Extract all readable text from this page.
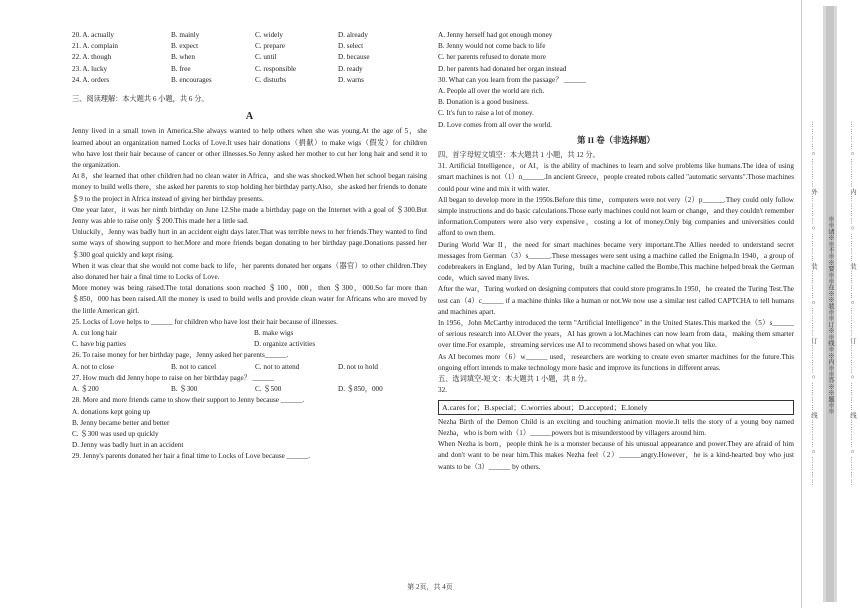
20. A. actually	B. mainly	C. widely	D. already
21. A. complain	B. expect	C. prepare	D. select
22. A. though	B. when	C. until	D. because
23. A. lucky	B. free	C. responsible	D. ready
24. A. orders	B. encourages	C. disturbs	D. warns
三、阅读理解：本大题共 6 小题，共 6 分。
A
Jenny lived in a small town in America.She always wanted to help others when she was young.At the age of 5，she learned about an organization named Locks of Love.It uses hair donations（捐献）to make wigs（假发）for children who have lost their hair because of cancer or other illnesses.So Jenny asked her mother to cut her long hair and send it to the organization.
At 8，she learned that other children had no clean water in Africa，and she was shocked.When her school began raising money to build wells there，she asked her parents to stop holding her birthday party.Also，she asked her friends to donate ＄9 to the project in Africa instead of giving her birthday presents.
One year later，it was her ninth birthday on June 12.She made a birthday page on the Internet with a goal of ＄300.But Jenny was able to raise only ＄200.This made her a little sad.
Unluckily，Jenny was badly hurt in an accident eight days later.That was terrible news to her friends.They wanted to find some ways of showing support to her.More and more friends began donating to her birthday page.Donations passed her ＄300 goal quickly and kept rising.
When it was clear that she would not come back to life，her parents donated her organs（器官）to other children.They also donated her hair a final time to Locks of Love.
More money was being raised.The total donations soon reached ＄100，000，then ＄300，000.So far more than ＄850，000 has been raised.All the money is used to build wells and provide clean water for Africans who are moved by the little American girl.
25. Locks of Love helps to ______ for children who have lost their hair because of illnesses.
A. cut long hair	B. make wigs
C. have big parties	D. organize activities
26. To raise money for her birthday page，Jenny asked her parents______.
A. not to close	B. not to cancel	C. not to attend	D. not to hold
27. How much did Jenny hope to raise on her birthday page？ ______
A. ＄200	B. ＄300	C. ＄500	D. ＄850，000
28. More and more friends came to show their support to Jenny because ______.
A. donations kept going up
B. Jenny became better and better
C. ＄300 was used up quickly
D. Jenny was badly hurt in an accident
29. Jenny's parents donated her hair a final time to Locks of Love because ______.
A. Jenny herself had got enough money
B. Jenny would not come back to life
C. her parents refused to donate more
D. her parents had donated her organ instead
30. What can you learn from the passage？ ______
A. People all over the world are rich.
B. Donation is a good business.
C. It's fun to raise a lot of money.
D. Love comes from all over the world.
第 II 卷（非选择题）
四、首字母短文填空：本大题共 1 小题，共 12 分。
31. Artificial Intelligence，or AI，is the ability of machines to learn and solve problems like humans.The idea of using smart machines is not（1）n______.In ancient Greece，people created robots called "automatic servants".Those machines could pour wine and mix it with water.
All began to develop more in the 1950s.Before this time，computers were not very（2）p______.They could only follow simple instructions and do basic calculations.Those early machines could not learn or change，and they couldn't remember information.Computers were also very expensive，costing a lot of money.Only big companies and universities could afford to own them.
During World War II，the need for smart machines became very important.The Allies needed to understand secret messages from German（3）s______.These messages were sent using a machine called the Enigma.In 1940，a group of codebreakers in England，led by Alan Turing，built a machine called the Bombe.This machine helped break the German code，which saved many lives.
After the war，Turing worked on designing computers that could store programs.In 1950，he created the Turing Test.The test can（4）c______ if a machine thinks like a human or not.We now use a similar test called CAPTCHA to tell humans and machines apart.
In 1956，John McCarthy introduced the term "Artificial Intelligence" in the United States.This marked the（5）s______ of serious research into AI.Over the years，AI has grown a lot.Machines can now learn from data，making them smarter over time.For example，streaming services use AI to recommend shows based on what you like.
As AI becomes more（6）w______ used，researchers are working to create even smarter machines for the future.This ongoing effort intends to make technology more basic and improve its functions in different areas.
五、选词填空-短文：本大题共 1 小题，共 8 分。
32.
A.cares for；B.special；C.worries about；D.accepted；E.lonely
Nezha Birth of the Demon Child is an exciting and touching animation movie.It tells the story of a young boy named Nezha，who is born with（1）______powers but is misunderstood by villagers around him.
When Nezha is born，people think he is a monster because of his unusual appearance and power.They are afraid of him and don't want to be near him.This makes Nezha feel（2）______angry.However，he is a kind-hearted boy who just wants to be（3）______ by others.
第 2页，共 4页
…………○…………外…………○…………装…………○…………订…………○…………线…………○…………	※※请※※不※※要※※在※※装※※订※※线※※内※※答※※题※※	…………○…………内…………○…………装…………○…………订…………○…………线…………○…………
